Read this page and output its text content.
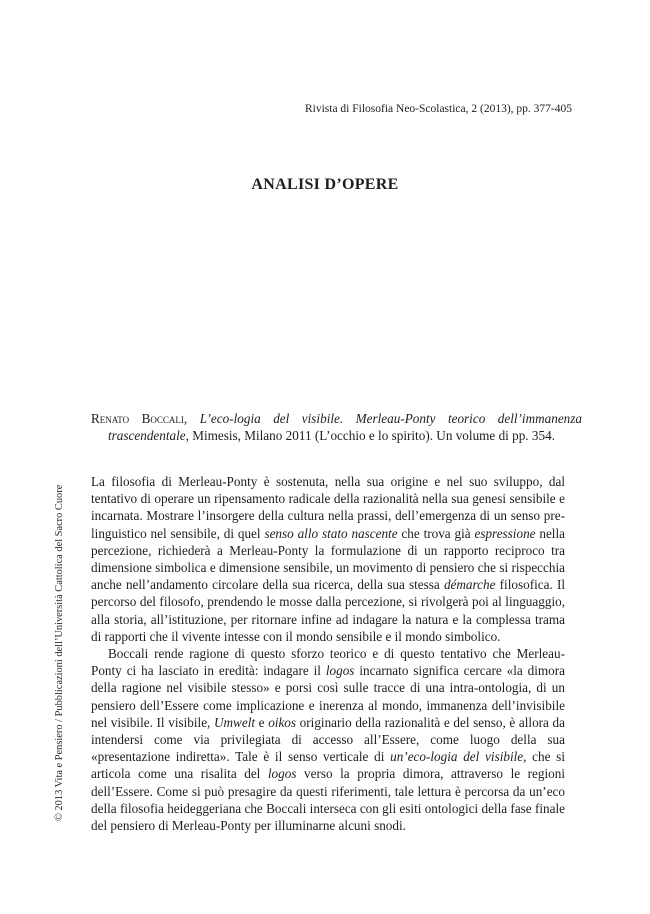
Rivista di Filosofia Neo-Scolastica, 2 (2013), pp. 377-405
ANALISI D’OPERE
Renato Boccali, L’eco-logia del visibile. Merleau-Ponty teorico dell’immanenza trascendentale, Mimesis, Milano 2011 (L’occhio e lo spirito). Un volume di pp. 354.

La filosofia di Merleau-Ponty è sostenuta, nella sua origine e nel suo sviluppo, dal tentativo di operare un ripensamento radicale della razionalità nella sua genesi sensibile e incarnata. Mostrare l’insorgere della cultura nella prassi, dell’emergenza di un senso pre-linguistico nel sensibile, di quel senso allo stato nascente che trova già espressione nella percezione, richiederà a Merleau-Ponty la formulazione di un rapporto reciproco tra dimensione simbolica e dimensione sensibile, un movimento di pensiero che si rispecchia anche nell’andamento circolare della sua ricerca, della sua stessa démarche filosofica. Il percorso del filosofo, prendendo le mosse dalla percezione, si rivolgerà poi al linguaggio, alla storia, all’istituzione, per ritornare infine ad indagare la natura e la complessa trama di rapporti che il vivente intesse con il mondo sensibile e il mondo simbolico.

Boccali rende ragione di questo sforzo teorico e di questo tentativo che Merleau-Ponty ci ha lasciato in eredità: indagare il logos incarnato significa cercare «la dimora della ragione nel visibile stesso» e porsi così sulle tracce di una intra-ontologia, di un pensiero dell’Essere come implicazione e inerenza al mondo, immanenza dell’invisibile nel visibile. Il visibile, Umwelt e oikos originario della razionalità e del senso, è allora da intendersi come via privilegiata di accesso all’Essere, come luogo della sua «presentazione indiretta». Tale è il senso verticale di un’eco-logia del visibile, che si articola come una risalita del logos verso la propria dimora, attraverso le regioni dell’Essere. Come si può presagire da questi riferimenti, tale lettura è percorsa da un’eco della filosofia heideggeriana che Boccali interseca con gli esiti ontologici della fase finale del pensiero di Merleau-Ponty per illuminarne alcuni snodi.

© 2013 Vita e Pensiero / Pubblicazioni dell’Università Cattolica del Sacro Cuore
